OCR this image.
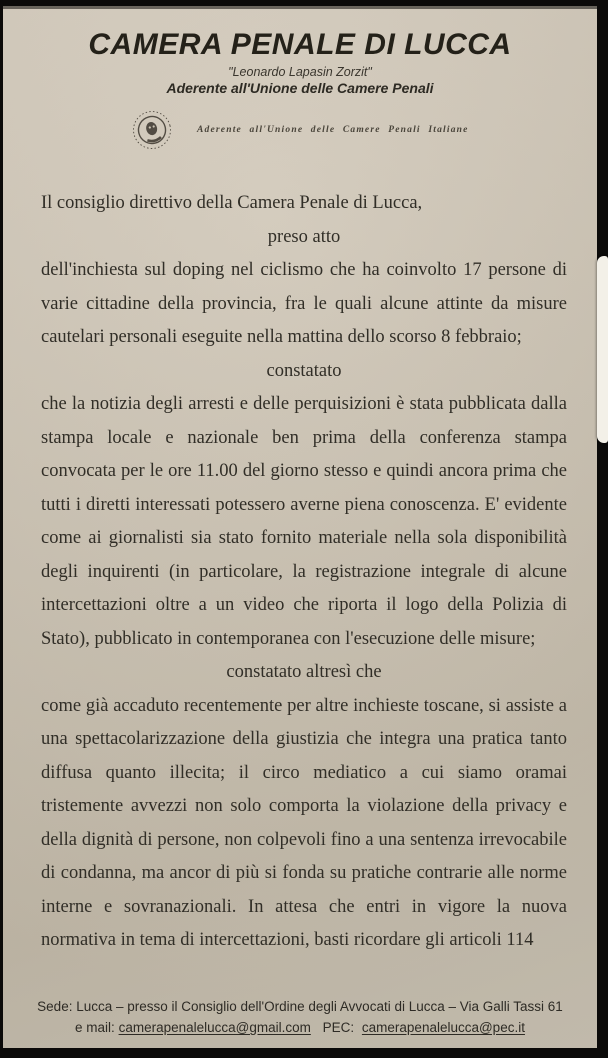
CAMERA PENALE DI LUCCA
"Leonardo Lapasin Zorzit"
Aderente all'Unione delle Camere Penali
Aderente all'Unione delle Camere Penali Italiane

Il consiglio direttivo della Camera Penale di Lucca,

preso atto

dell'inchiesta sul doping nel ciclismo che ha coinvolto 17 persone di varie cittadine della provincia, fra le quali alcune attinte da misure cautelari personali eseguite nella mattina dello scorso 8 febbraio;

constatato

che la notizia degli arresti e delle perquisizioni è stata pubblicata dalla stampa locale e nazionale ben prima della conferenza stampa convocata per le ore 11.00 del giorno stesso e quindi ancora prima che tutti i diretti interessati potessero averne piena conoscenza. E' evidente come ai giornalisti sia stato fornito materiale nella sola disponibilità degli inquirenti (in particolare, la registrazione integrale di alcune intercettazioni oltre a un video che riporta il logo della Polizia di Stato), pubblicato in contemporanea con l'esecuzione delle misure;

constatato altresì che

come già accaduto recentemente per altre inchieste toscane, si assiste a una spettacolarizzazione della giustizia che integra una pratica tanto diffusa quanto illecita; il circo mediatico a cui siamo oramai tristemente avvezzi non solo comporta la violazione della privacy e della dignità di persone, non colpevoli fino a una sentenza irrevocabile di condanna, ma ancor di più si fonda su pratiche contrarie alle norme interne e sovranazionali. In attesa che entri in vigore la nuova normativa in tema di intercettazioni, basti ricordare gli articoli 114

Sede: Lucca – presso il Consiglio dell'Ordine degli Avvocati di Lucca – Via Galli Tassi 61
e mail: camerapenalelucca@gmail.com PEC: camerapenalelucca@pec.it
